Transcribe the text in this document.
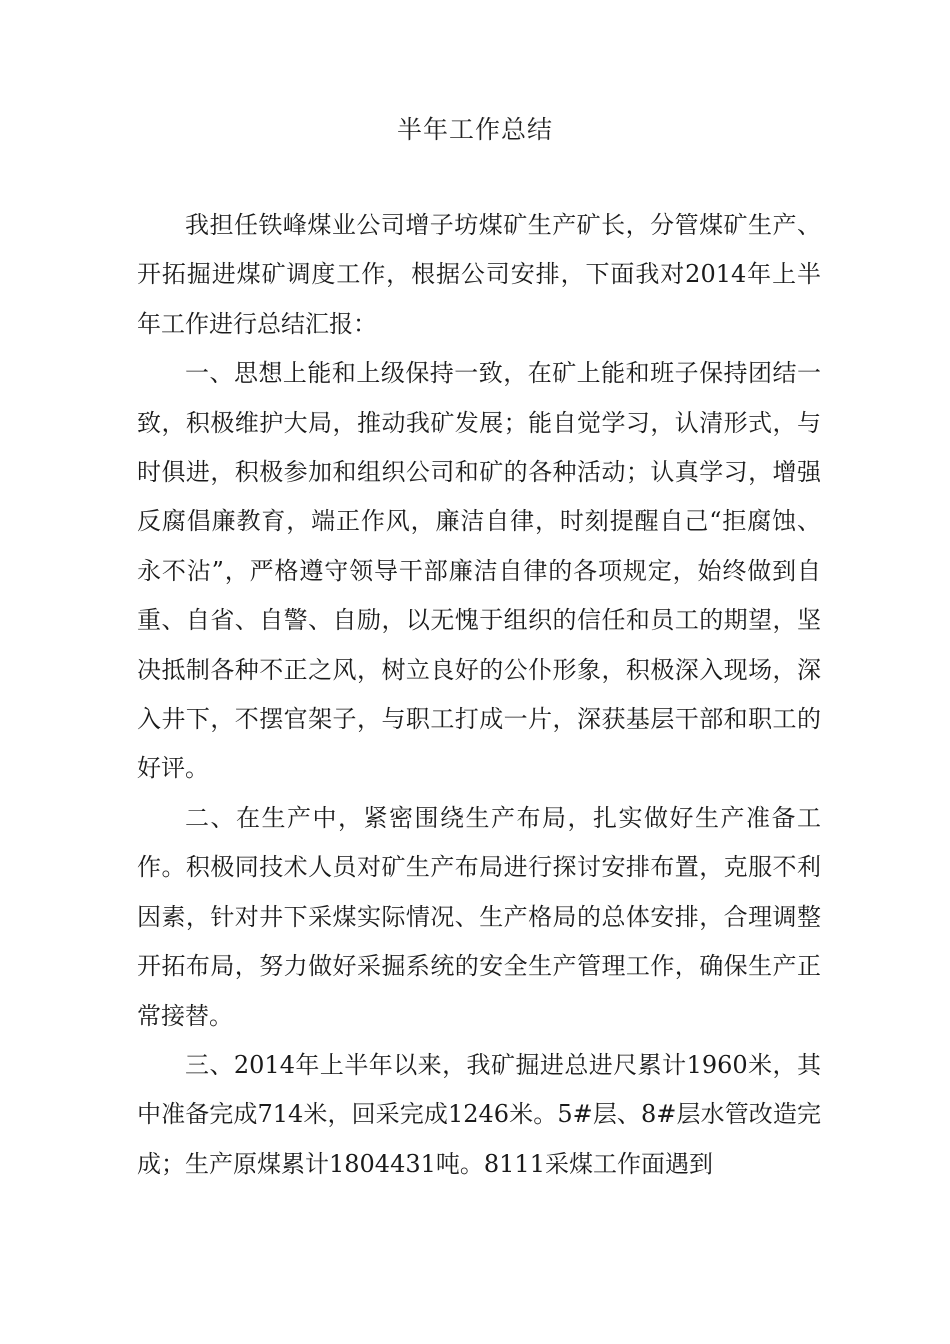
半年工作总结

我担任铁峰煤业公司增子坊煤矿生产矿长，分管煤矿生产、开拓掘进煤矿调度工作，根据公司安排，下面我对2014年上半年工作进行总结汇报：

一、思想上能和上级保持一致，在矿上能和班子保持团结一致，积极维护大局，推动我矿发展；能自觉学习，认清形式，与时俱进，积极参加和组织公司和矿的各种活动；认真学习，增强反腐倡廉教育，端正作风，廉洁自律，时刻提醒自己“拒腐蚀、永不沾”，严格遵守领导干部廉洁自律的各项规定，始终做到自重、自省、自警、自励，以无愧于组织的信任和员工的期望，坚决抵制各种不正之风，树立良好的公仆形象，积极深入现场，深入井下，不摆官架子，与职工打成一片，深获基层干部和职工的好评。

二、在生产中，紧密围绕生产布局，扎实做好生产准备工作。积极同技术人员对矿生产布局进行探讨安排布置，克服不利因素，针对井下采煤实际情况、生产格局的总体安排，合理调整开拓布局，努力做好采掘系统的安全生产管理工作，确保生产正常接替。

三、2014年上半年以来，我矿掘进总进尺累计1960米，其中准备完成714米，回采完成1246米。5#层、8#层水管改造完成；生产原煤累计1804431吨。8111采煤工作面遇到
